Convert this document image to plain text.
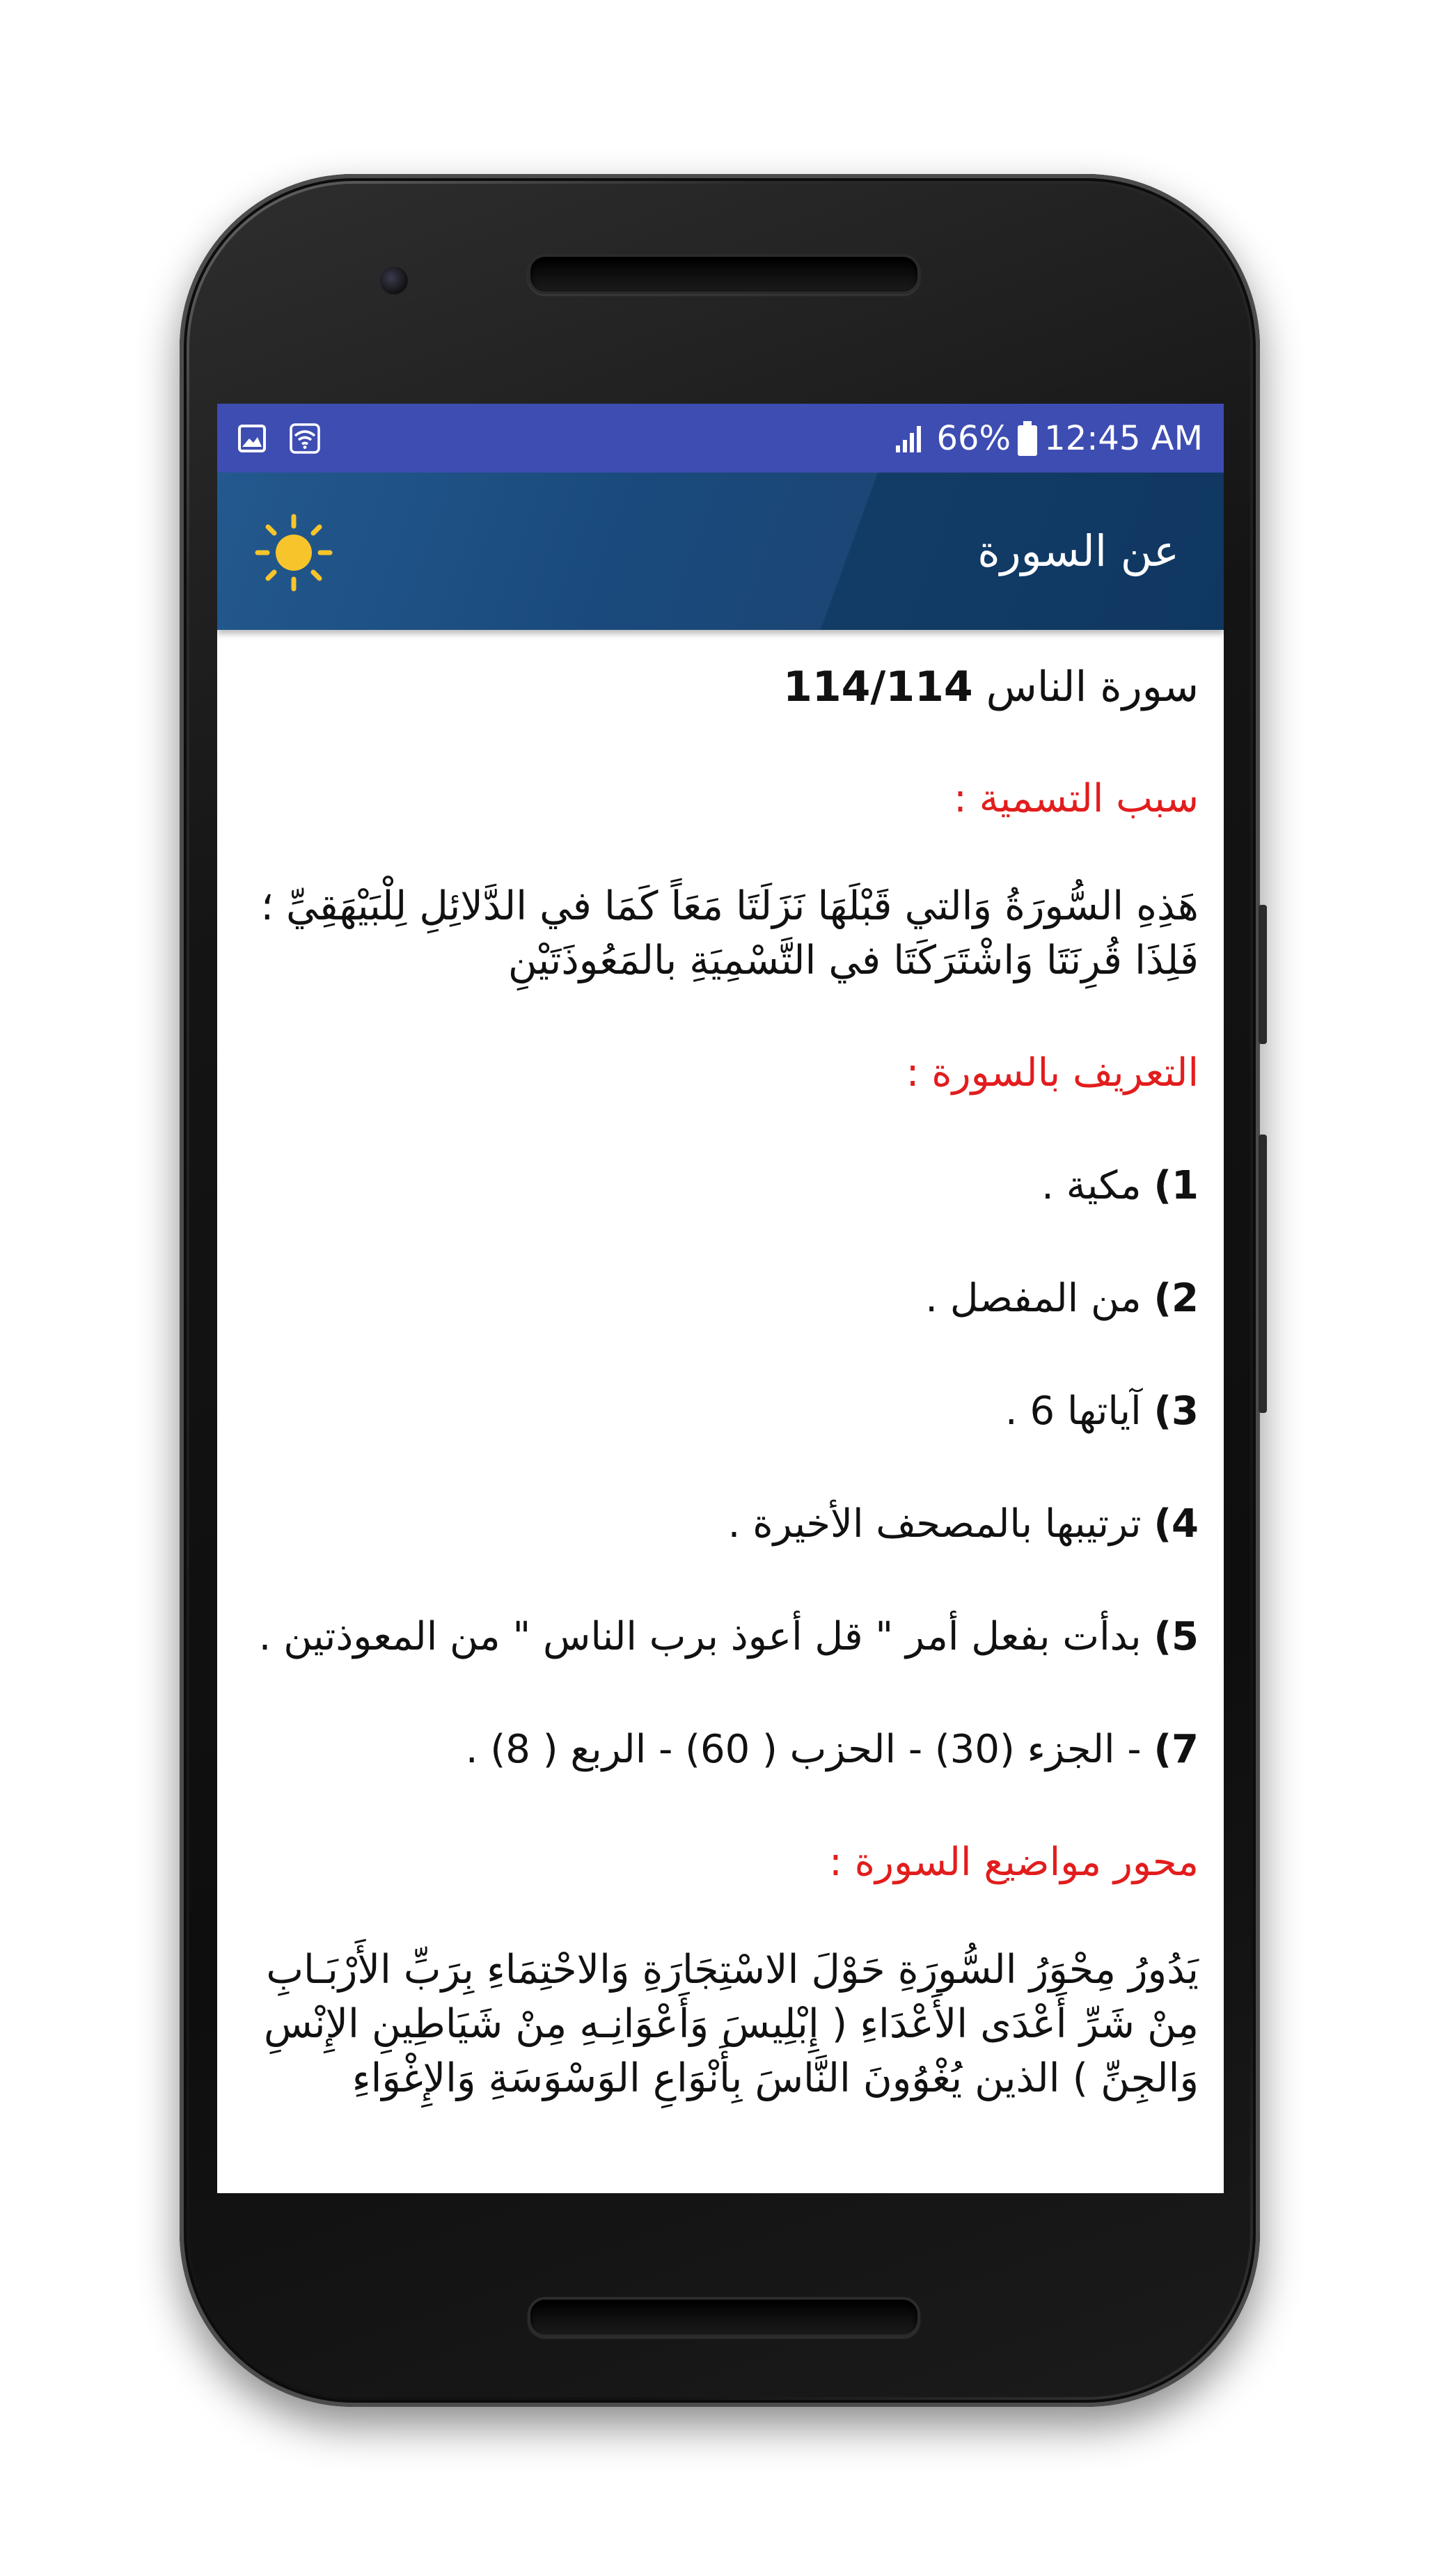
66% 12:45 AM
عن السورة

سورة الناس 114/114

سبب التسمية :

هَذِهِ السُّورَةُ وَالتي قَبْلَهَا نَزَلَتَا مَعَاً كَمَا في الدَّلائِلِ لِلْبَيْهَقِيِّ ؛ فَلِذَا قُرِنَتَا وَاشْتَرَكَتَا في التَّسْمِيَةِ بالمَعُوذَتَيْنِ

التعريف بالسورة :

1) مكية .

2) من المفصل .

3) آياتها 6 .

4) ترتيبها بالمصحف الأخيرة .

5) بدأت بفعل أمر " قل أعوذ برب الناس " من المعوذتين .

7) - الجزء (30) - الحزب ( 60) - الربع ( 8) .

محور مواضيع السورة :

يَدُورُ مِحْوَرُ السُّورَةِ حَوْلَ الاسْتِجَارَةِ وَالاحْتِمَاءِ بِرَبِّ الأَرْبَـابِ مِنْ شَرِّ أَعْدَى الأَعْدَاءِ ( إِبْلِيسَ وَأَعْوَانِـهِ مِنْ شَيَاطِينِ الإِنْسِ وَالجِنِّ ) الذين يُغْوُونَ النَّاسَ بِأَنْوَاعِ الوَسْوَسَةِ وَالإِغْوَاءِ
